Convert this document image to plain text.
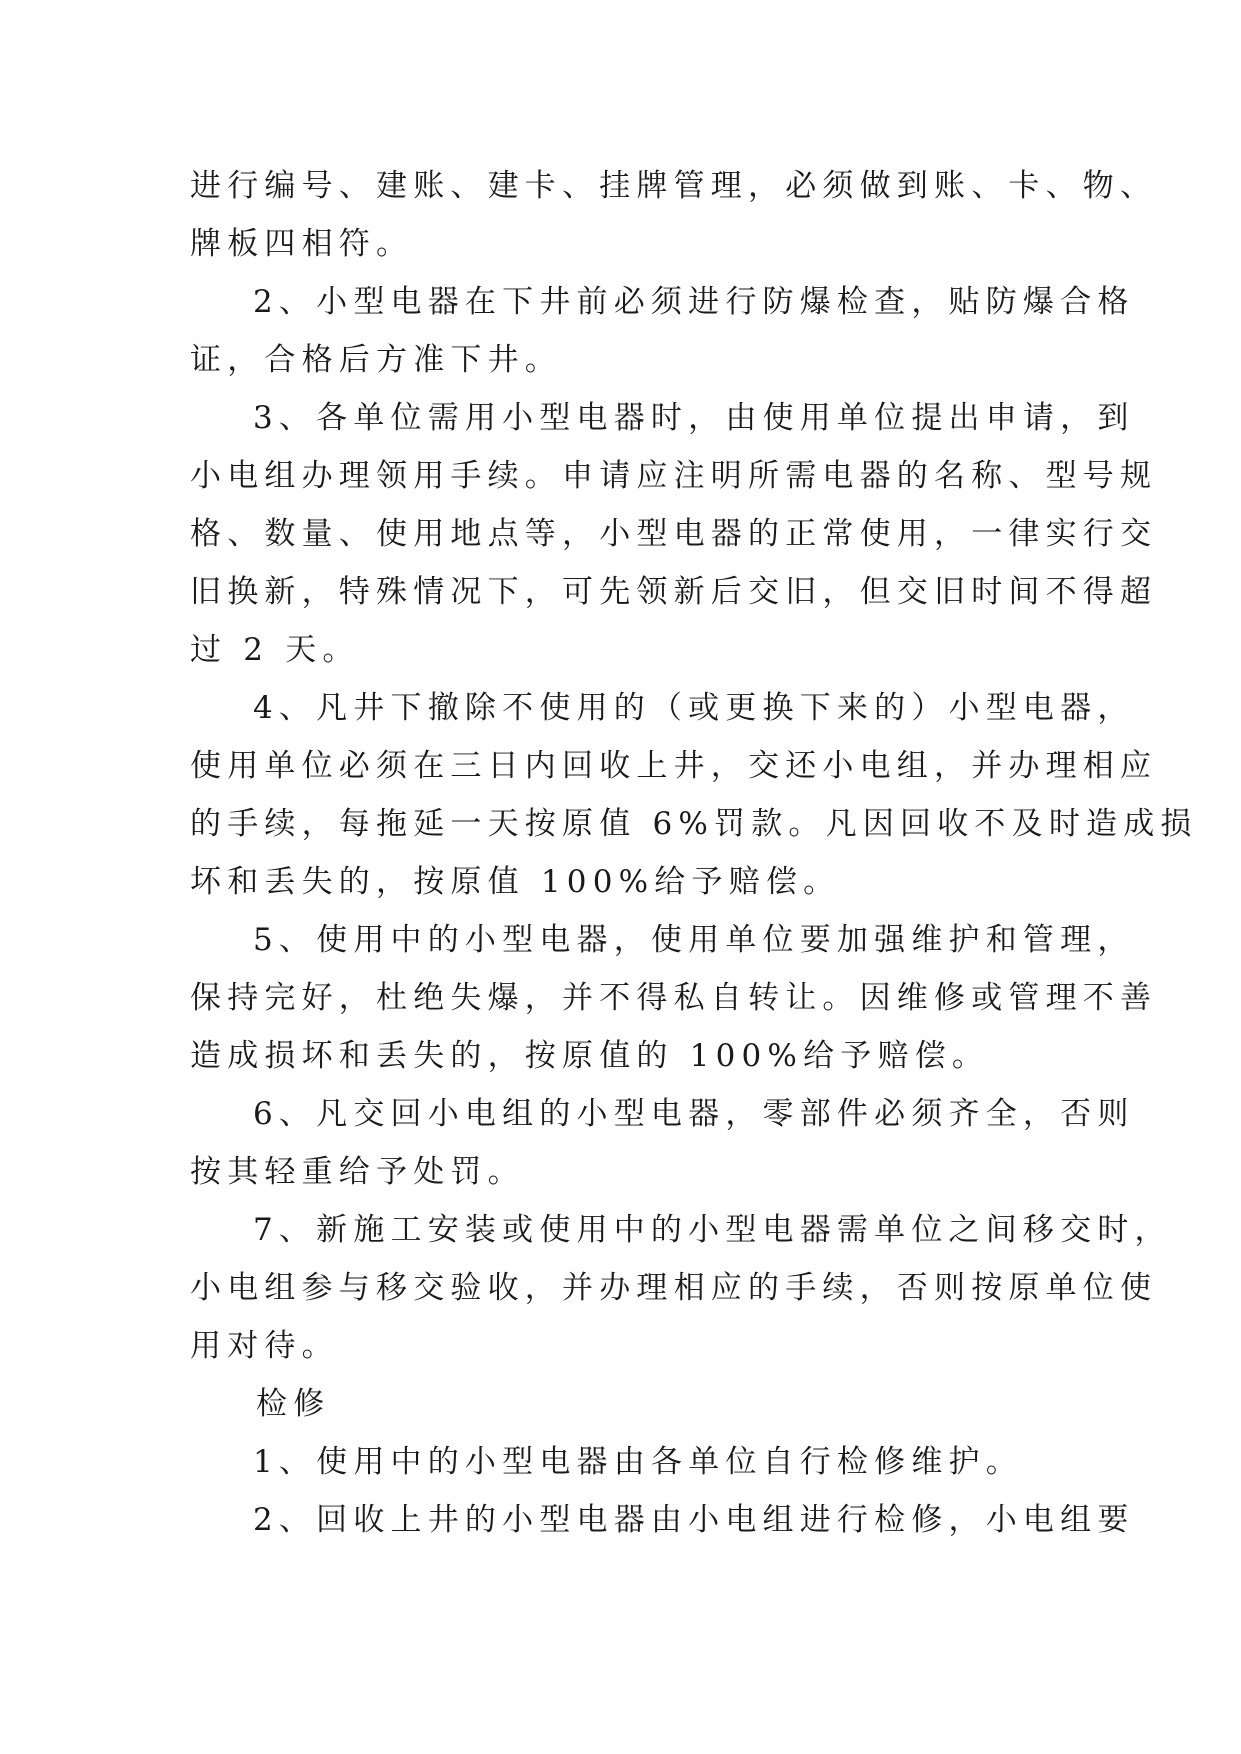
进行编号、建账、建卡、挂牌管理，必须做到账、卡、物、
牌板四相符。
2、小型电器在下井前必须进行防爆检查，贴防爆合格
证，合格后方准下井。
3、各单位需用小型电器时，由使用单位提出申请，到
小电组办理领用手续。申请应注明所需电器的名称、型号规
格、数量、使用地点等，小型电器的正常使用，一律实行交
旧换新，特殊情况下，可先领新后交旧，但交旧时间不得超
过 2 天。
4、凡井下撤除不使用的（或更换下来的）小型电器，
使用单位必须在三日内回收上井，交还小电组，并办理相应
的手续，每拖延一天按原值 6%罚款。凡因回收不及时造成损
坏和丢失的，按原值 100%给予赔偿。
5、使用中的小型电器，使用单位要加强维护和管理，
保持完好，杜绝失爆，并不得私自转让。因维修或管理不善
造成损坏和丢失的，按原值的 100%给予赔偿。
6、凡交回小电组的小型电器，零部件必须齐全，否则
按其轻重给予处罚。
7、新施工安装或使用中的小型电器需单位之间移交时，
小电组参与移交验收，并办理相应的手续，否则按原单位使
用对待。
检修
1、使用中的小型电器由各单位自行检修维护。
2、回收上井的小型电器由小电组进行检修，小电组要
